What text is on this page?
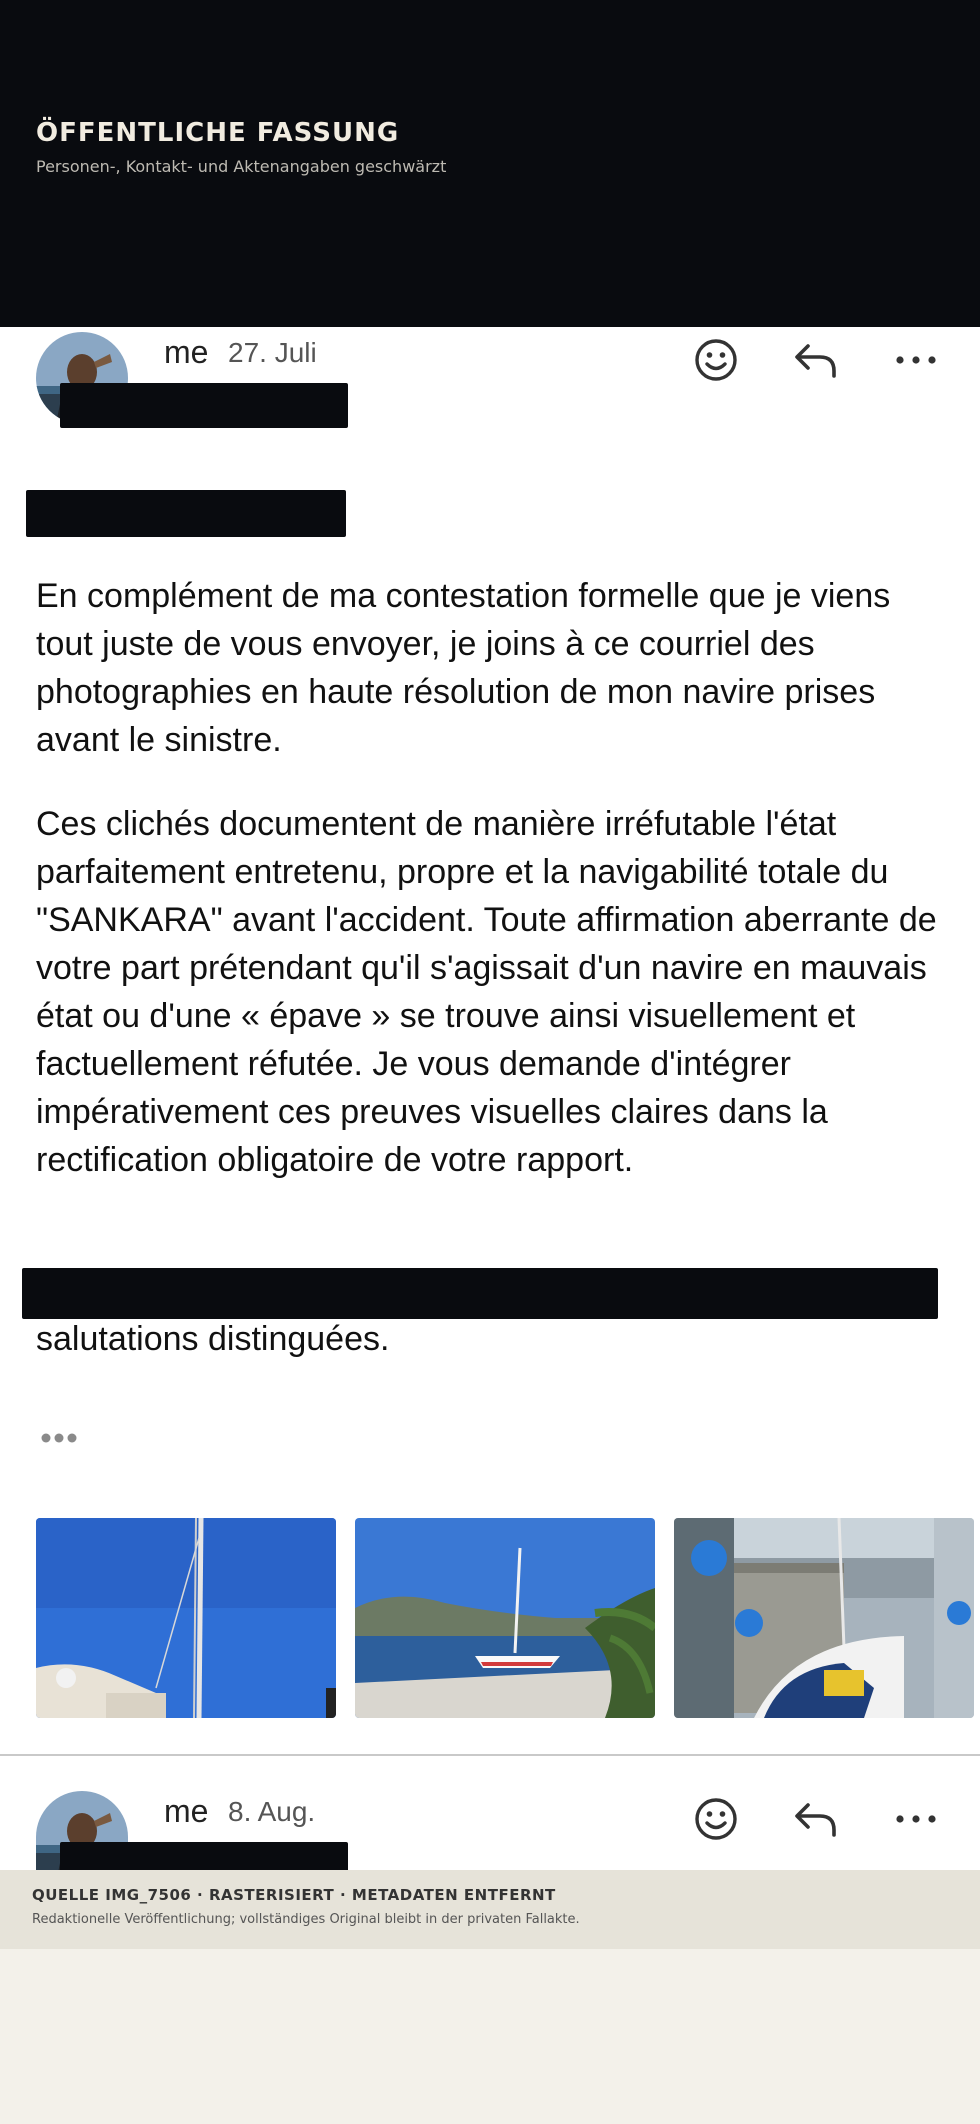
ÖFFENTLICHE FASSUNG
Personen-, Kontakt- und Aktenangaben geschwärzt
me 27. Juli

En complément de ma contestation formelle que je viens tout juste de vous envoyer, je joins à ce courriel des photographies en haute résolution de mon navire prises avant le sinistre.

Ces clichés documentent de manière irréfutable l'état parfaitement entretenu, propre et la navigabilité totale du "SANKARA" avant l'accident. Toute affirmation aberrante de votre part prétendant qu'il s'agissait d'un navire en mauvais état ou d'une « épave » se trouve ainsi visuellement et factuellement réfutée. Je vous demande d'intégrer impérativement ces preuves visuelles claires dans la rectification obligatoire de votre rapport.

salutations distinguées.

me 8. Aug.
QUELLE IMG_7506 · RASTERISIERT · METADATEN ENTFERNT
Redaktionelle Veröffentlichung; vollständiges Original bleibt in der privaten Fallakte.
